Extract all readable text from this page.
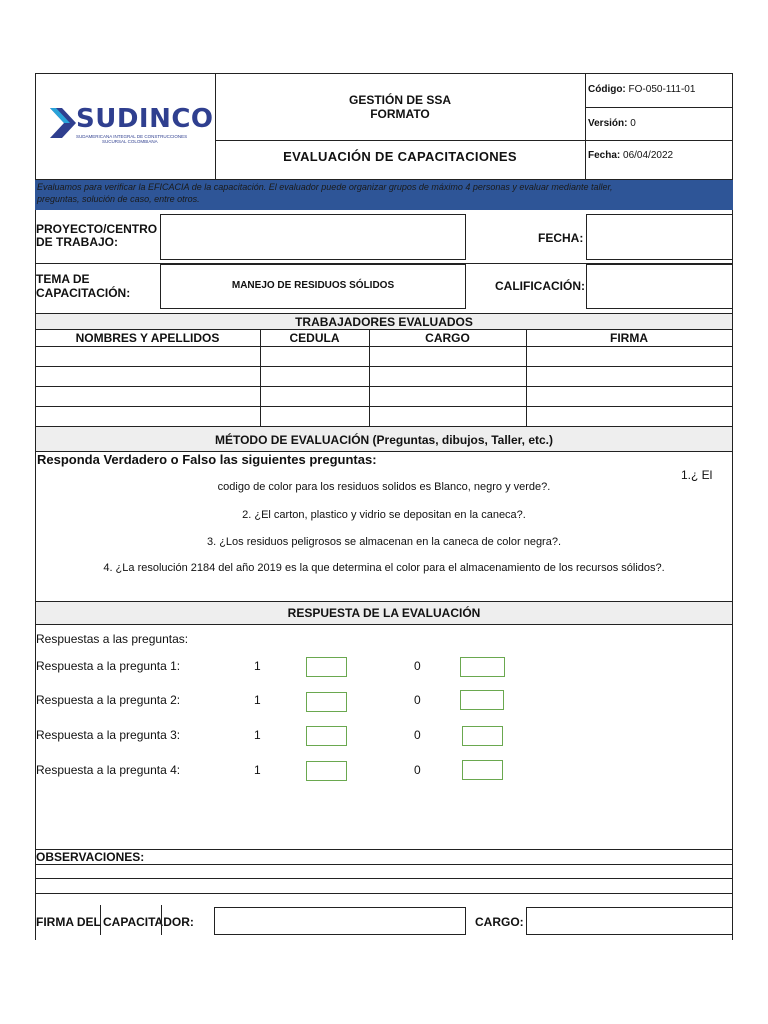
SUDINCO
SUDAMERICANA INTEGRAL DE CONSTRUCCIONES
SUCURSAL COLOMBIANA
GESTIÓN DE SSA
FORMATO
EVALUACIÓN DE CAPACITACIONES
Código: FO-050-111-01
Versión: 0
Fecha: 06/04/2022
Evaluamos para verificar la EFICACIA de la capacitación. El evaluador puede organizar grupos de máximo 4 personas y evaluar mediante taller,
preguntas, solución de caso, entre otros.
PROYECTO/CENTRO
DE TRABAJO:	FECHA:
TEMA DE
CAPACITACIÓN:
MANEJO DE RESIDUOS SÓLIDOS	CALIFICACIÓN:
TRABAJADORES EVALUADOS
NOMBRES Y APELLIDOS	CEDULA	CARGO	FIRMA
MÉTODO DE EVALUACIÓN (Preguntas, dibujos, Taller, etc.)
Responda Verdadero o Falso las siguientes preguntas:
1.¿ El
codigo de color para los residuos solidos es Blanco, negro y verde?.
2. ¿El carton, plastico y vidrio se depositan en la caneca?.
3. ¿Los residuos peligrosos se almacenan en la caneca de color negra?.
4. ¿La resolución 2184 del año 2019 es la que determina el color para el almacenamiento de los recursos sólidos?.
RESPUESTA DE LA EVALUACIÓN
Respuestas a las preguntas:
Respuesta a la pregunta 1:	1	0
Respuesta a la pregunta 2:	1	0
Respuesta a la pregunta 3:	1	0
Respuesta a la pregunta 4:	1	0
OBSERVACIONES:
FIRMA DEL CAPACITADOR:	CARGO:
